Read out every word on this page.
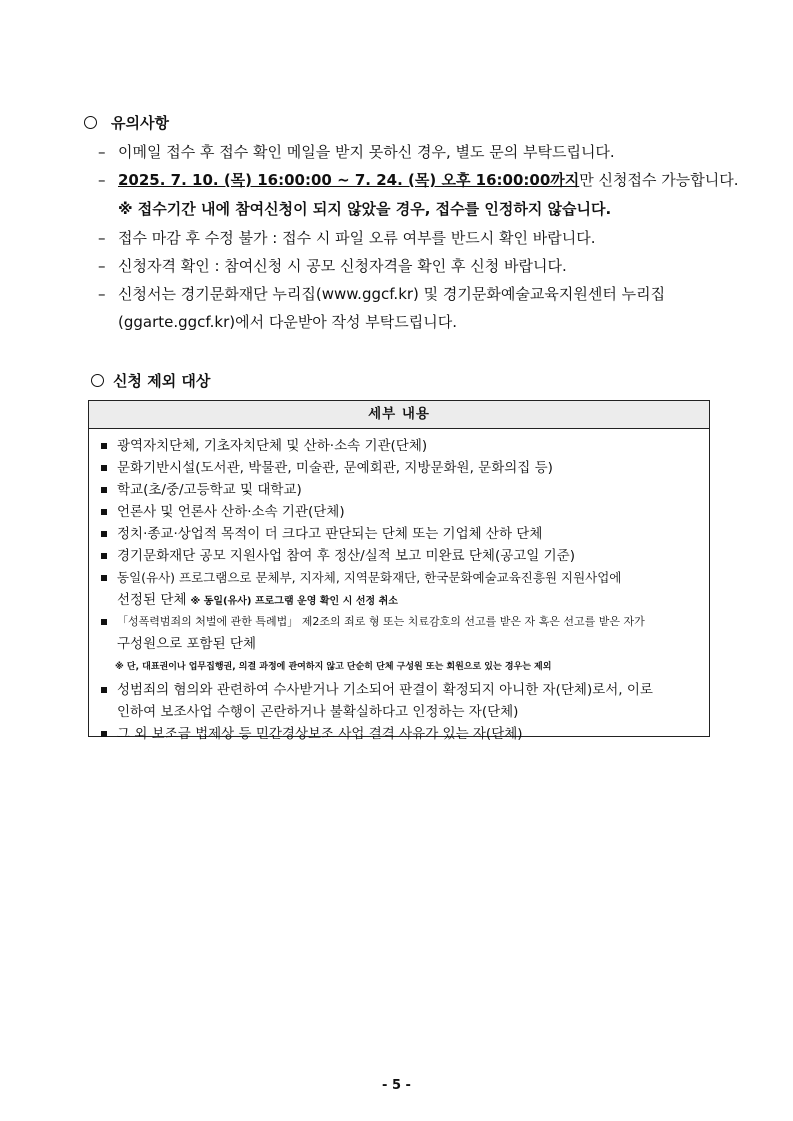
유의사항
– 이메일 접수 후 접수 확인 메일을 받지 못하신 경우, 별도 문의 부탁드립니다.
– 2025. 7. 10. (목) 16:00:00 ~ 7. 24. (목) 오후 16:00:00까지만 신청접수 가능합니다.
※ 접수기간 내에 참여신청이 되지 않았을 경우, 접수를 인정하지 않습니다.
– 접수 마감 후 수정 불가 : 접수 시 파일 오류 여부를 반드시 확인 바랍니다.
– 신청자격 확인 : 참여신청 시 공모 신청자격을 확인 후 신청 바랍니다.
– 신청서는 경기문화재단 누리집(www.ggcf.kr) 및 경기문화예술교육지원센터 누리집
(ggarte.ggcf.kr)에서 다운받아 작성 부탁드립니다.
신청 제외 대상
세부 내용
광역자치단체, 기초자치단체 및 산하·소속 기관(단체)
문화기반시설(도서관, 박물관, 미술관, 문예회관, 지방문화원, 문화의집 등)
학교(초/중/고등학교 및 대학교)
언론사 및 언론사 산하·소속 기관(단체)
정치·종교·상업적 목적이 더 크다고 판단되는 단체 또는 기업체 산하 단체
경기문화재단 공모 지원사업 참여 후 정산/실적 보고 미완료 단체(공고일 기준)
동일(유사) 프로그램으로 문체부, 지자체, 지역문화재단, 한국문화예술교육진흥원 지원사업에
선정된 단체 ※ 동일(유사) 프로그램 운영 확인 시 선정 취소
「성폭력범죄의 처벌에 관한 특례법」 제2조의 죄로 형 또는 치료감호의 선고를 받은 자 혹은 선고를 받은 자가
구성원으로 포함된 단체
※ 단, 대표권이나 업무집행권, 의결 과정에 관여하지 않고 단순히 단체 구성원 또는 회원으로 있는 경우는 제외
성범죄의 혐의와 관련하여 수사받거나 기소되어 판결이 확정되지 아니한 자(단체)로서, 이로
인하여 보조사업 수행이 곤란하거나 불확실하다고 인정하는 자(단체)
그 외 보조금 법제상 등 민간경상보조 사업 결격 사유가 있는 자(단체)
- 5 -
